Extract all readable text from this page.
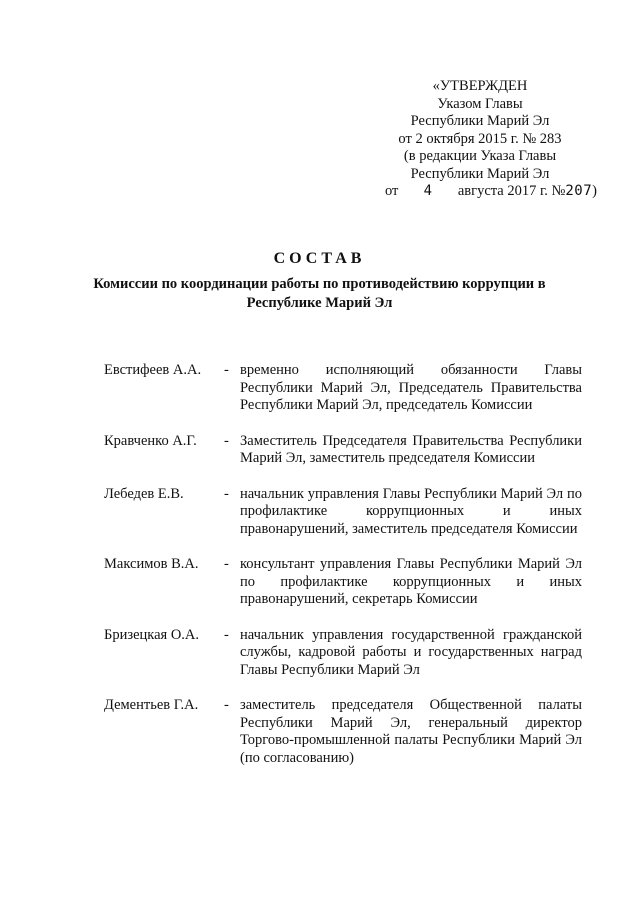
«УТВЕРЖДЕН
Указом Главы
Республики Марий Эл
от 2 октября 2015 г. № 283
(в редакции Указа Главы
Республики Марий Эл
от 4 августа 2017 г. №207)
СОСТАВ
Комиссии по координации работы по противодействию коррупции в Республике Марий Эл
Евстифеев А.А.	- временно исполняющий обязанности Главы Республики Марий Эл, Председатель Правительства Республики Марий Эл, председатель Комиссии
Кравченко А.Г.	- Заместитель Председателя Правительства Республики Марий Эл, заместитель председателя Комиссии
Лебедев Е.В.	- начальник управления Главы Республики Марий Эл по профилактике коррупционных и иных правонарушений, заместитель председателя Комиссии
Максимов В.А.	- консультант управления Главы Республики Марий Эл по профилактике коррупционных и иных правонарушений, секретарь Комиссии
Бризецкая О.А.	- начальник управления государственной гражданской службы, кадровой работы и государственных наград Главы Республики Марий Эл
Дементьев Г.А.	- заместитель председателя Общественной палаты Республики Марий Эл, генеральный директор Торгово-промышленной палаты Республики Марий Эл (по согласованию)
